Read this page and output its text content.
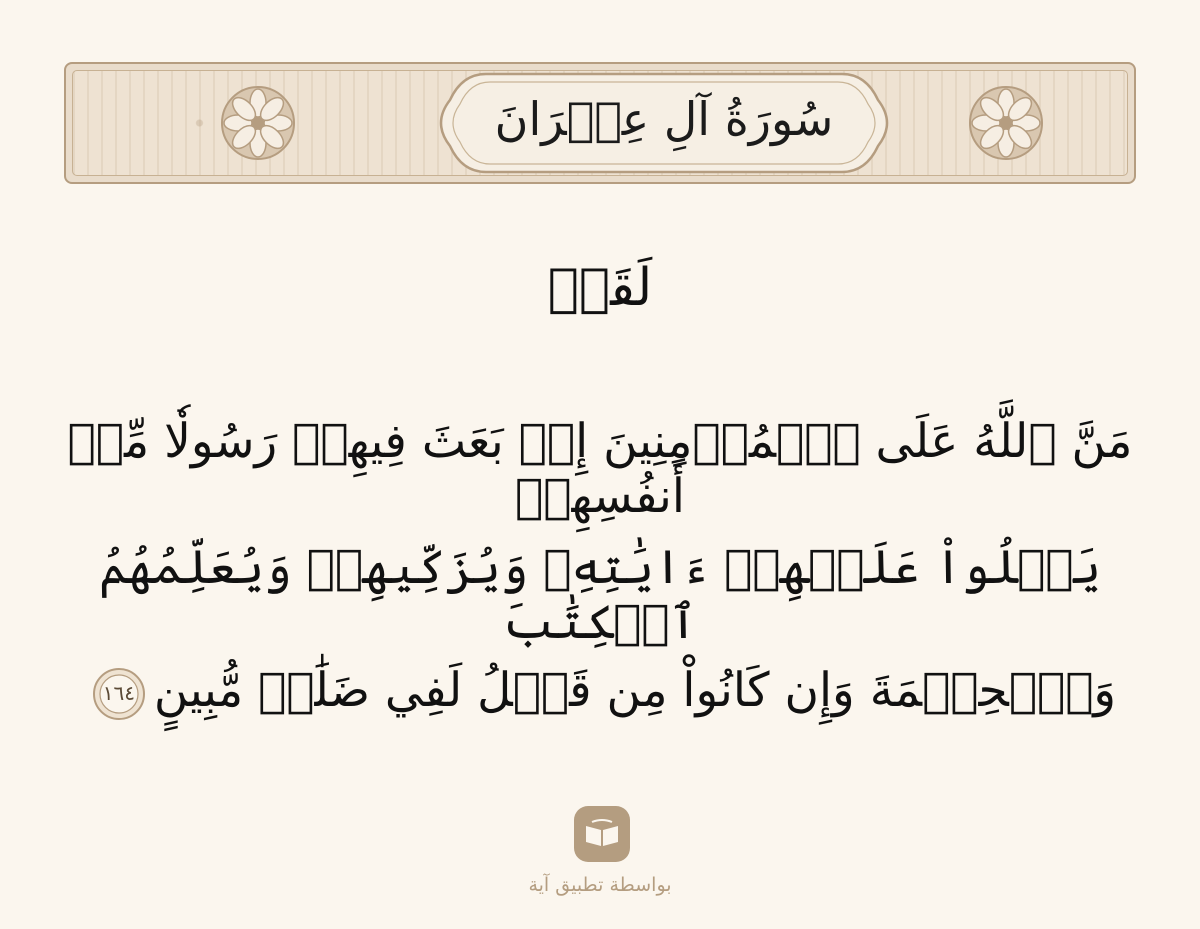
سُورَةُ آلِ عِمۡرَانَ
لَقَدۡ
مَنَّ ٱللَّهُ عَلَى ٱلۡمُؤۡمِنِينَ إِذۡ بَعَثَ فِيهِمۡ رَسُولٗا مِّنۡ أَنفُسِهِمۡ
يَتۡلُواْ عَلَيۡهِمۡ ءَايَٰتِهِۦ وَيُزَكِّيهِمۡ وَيُعَلِّمُهُمُ ٱلۡكِتَٰبَ
وَٱلۡحِكۡمَةَ وَإِن كَانُواْ مِن قَبۡلُ لَفِي ضَلَٰلٖ مُّبِينٍ
١٦٤
بواسطة تطبيق آية
